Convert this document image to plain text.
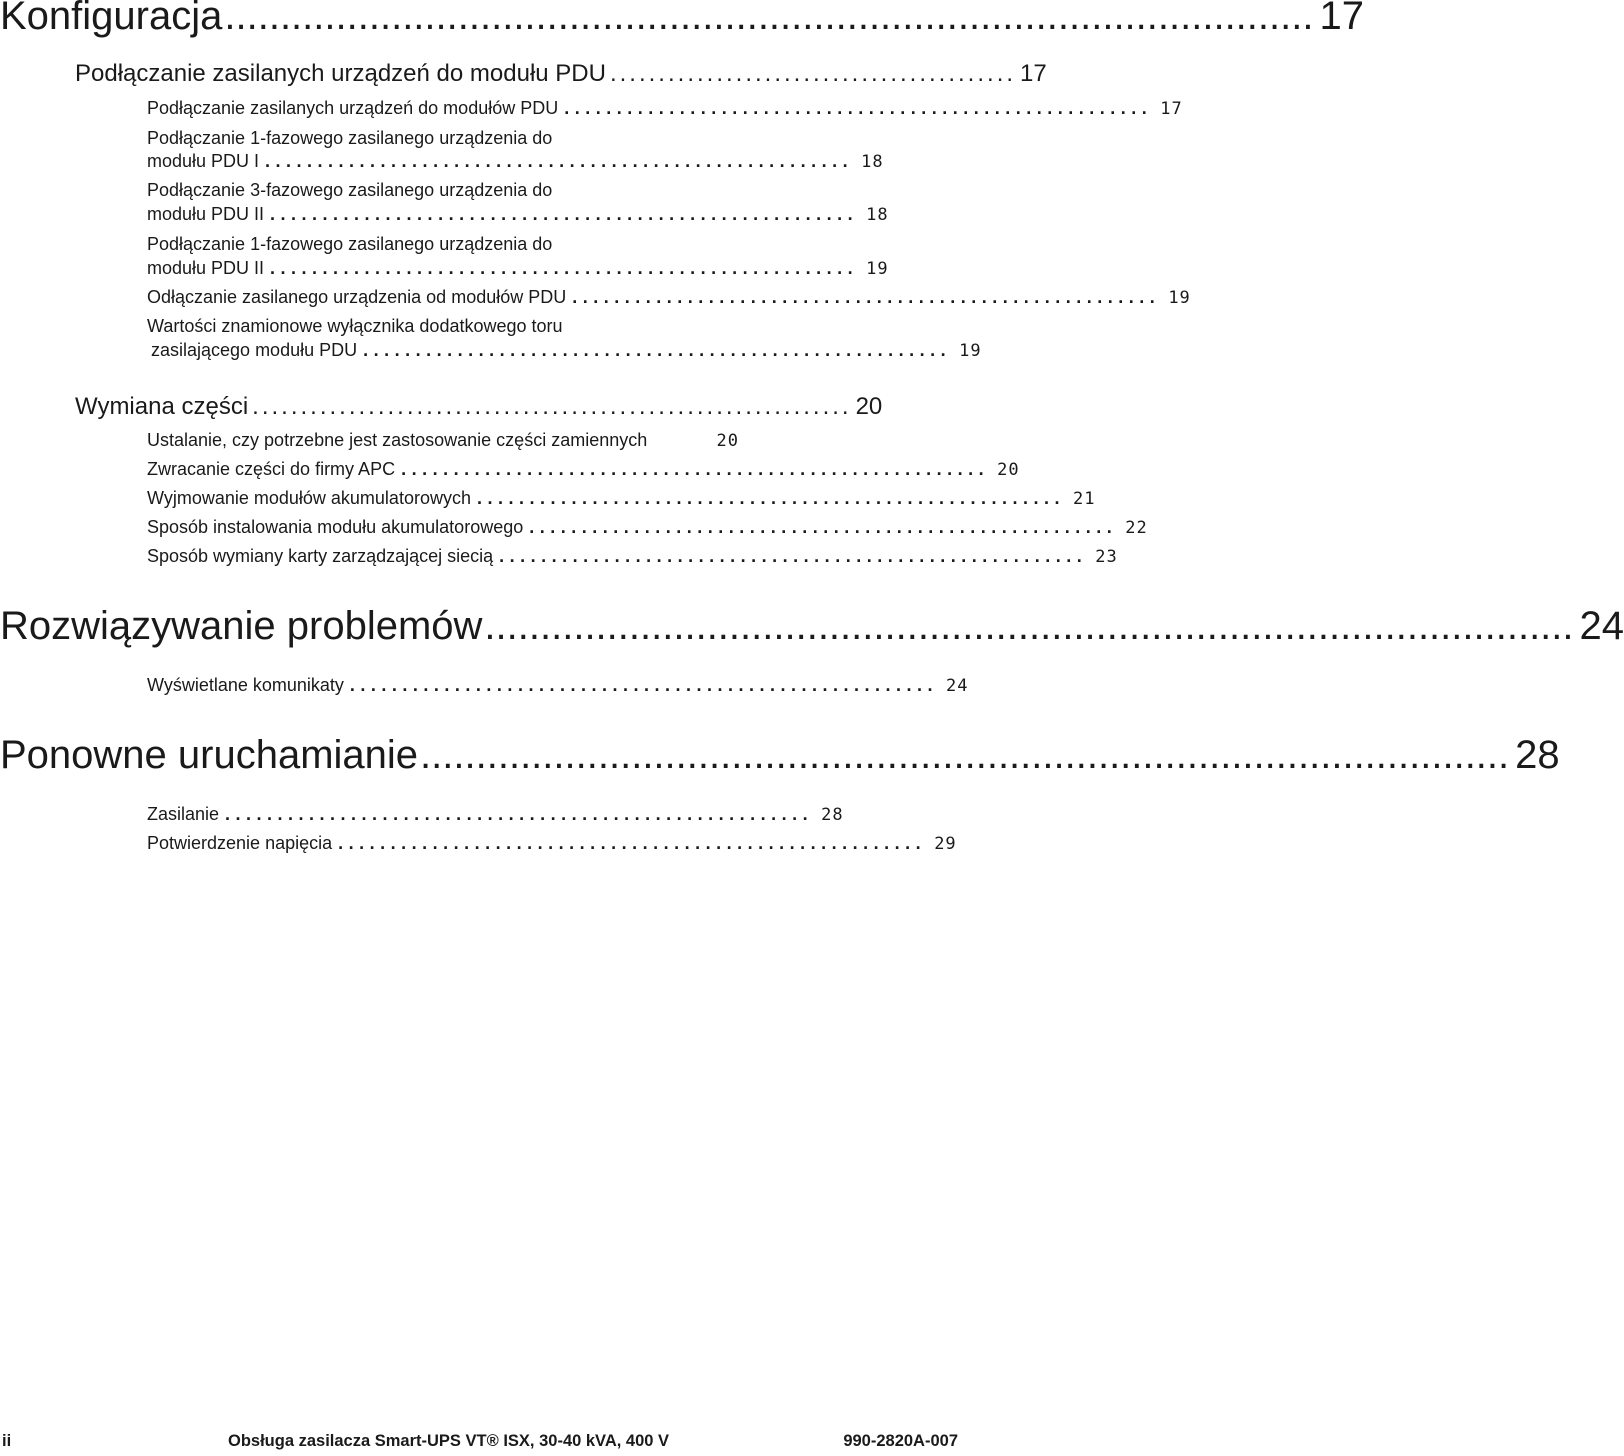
Konfiguracja .................................................................................................. 17
Podłączanie zasilanych urządzeń do modułu PDU .......................................... 17
Podłączanie zasilanych urządzeń do modułów PDU ........................................................ 17
Podłączanie 1-fazowego zasilanego urządzenia do
modułu PDU I ........................................................ 18
Podłączanie 3-fazowego zasilanego urządzenia do
modułu PDU II ........................................................ 18
Podłączanie 1-fazowego zasilanego urządzenia do
modułu PDU II ........................................................ 19
Odłączanie zasilanego urządzenia od modułów PDU ........................................................ 19
Wartości znamionowe wyłącznika dodatkowego toru
zasilającego modułu PDU ........................................................ 19
Wymiana części .............................................................. 20
Ustalanie, czy potrzebne jest zastosowanie części zamiennych	20
Zwracanie części do firmy APC ........................................................ 20
Wyjmowanie modułów akumulatorowych ........................................................ 21
Sposób instalowania modułu akumulatorowego ........................................................ 22
Sposób wymiany karty zarządzającej siecią ........................................................ 23
Rozwiązywanie problemów .................................................................................................. 24
Wyświetlane komunikaty ........................................................ 24
Ponowne uruchamianie .................................................................................................. 28
Zasilanie ........................................................ 28
Potwierdzenie napięcia ........................................................ 29
ii	Obsługa zasilacza Smart-UPS VT® ISX, 30-40 kVA, 400 V	990-2820A-007
